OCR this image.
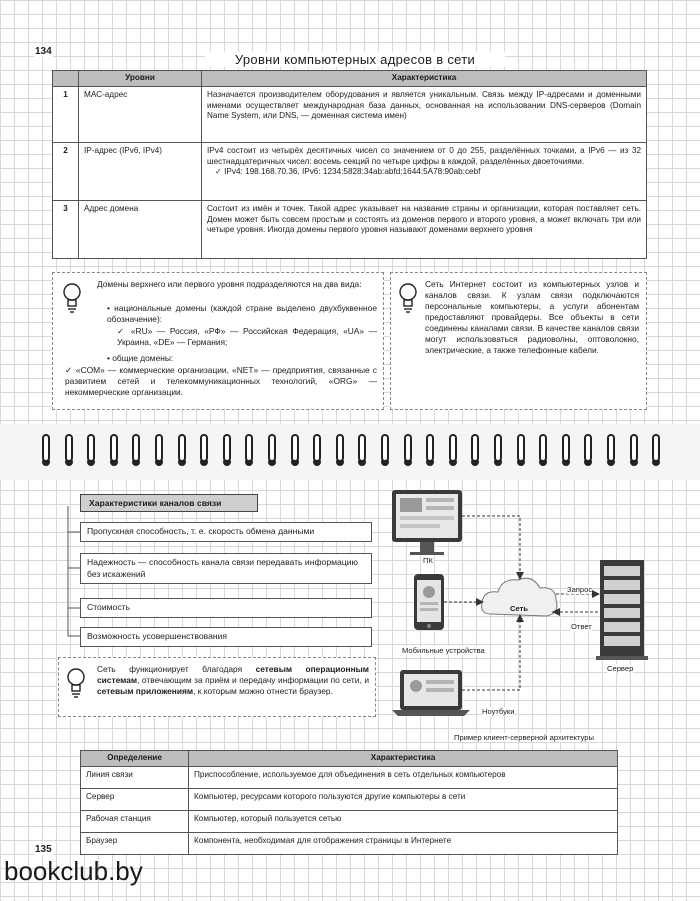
134
Уровни компьютерных адресов в сети
	Уровни	Характеристика
1	МАС-адрес	Назначается производителем оборудования и является уникальным. Связь между IP-адресами и доменными именами осуществляет международная база данных, основанная на использовании DNS-серверов (Domain Name System, или DNS, — доменная система имен)
2	IP-адрес (IPv6, IPv4)	IPv4 состоит из четырёх десятичных чисел со значением от 0 до 255, разделённых точками, а IPv6 — из 32 шестнадцатеричных чисел: восемь секций по четыре цифры в каждой, разделённых двоеточиями.
✓ IPv4: 198.168.70.36, IPv6: 1234:5828:34ab:abfd:1644:5A78:90ab:cebf

3	Адрес домена	Состоит из имён и точек. Такой адрес указывает на название страны и организации, которая поставляет сеть. Домен может быть совсем простым и состоять из доменов первого и второго уровня, а может включать три или четыре уровня. Иногда домены первого уровня называют доменами верхнего уровня
Домены верхнего или первого уровня подразделяются на два вида:
• национальные домены (каждой стране выделено двухбуквенное обозначение):
✓ «RU» — Россия, «РФ» — Российская Федерация, «UA» — Украина, «DE» — Германия;
• общие домены:
✓ «COM» — коммерческие организации, «NET» — предприятия, связанные с развитием сетей и телекоммуникационных технологий, «ORG» — некоммерческие организации.
Сеть Интернет состоит из компьютерных узлов и каналов связи. К узлам связи подключаются персональные компьютеры, а услуги абонентам предоставляют провайдеры. Все объекты в сети соединены каналами связи. В качестве каналов связи могут использоваться радиоволны, оптоволокно, электрические, а также телефонные кабели.
Характеристики каналов связи
Пропускная способность, т. е. скорость обмена данными
Надежность — способность канала связи передавать информацию без искажений
Стоимость
Возможность усовершенствования
Сеть функционирует благодаря сетевым операционным системам, отвечающим за приём и передачу информации по сети, и сетевым приложениям, к которым можно отнести браузер.
ПК
Мобильные устройства
Ноутбуки
Сеть
Запрос
Ответ
Сервер
Пример клиент-серверной архитектуры
Определение	Характеристика
Линия связи	Приспособление, используемое для объединения в сеть отдельных компьютеров
Сервер	Компьютер, ресурсами которого пользуются другие компьютеры в сети
Рабочая станция	Компьютер, который пользуется сетью
Браузер	Компонента, необходимая для отображения страницы в Интернете
135
bookclub.by
